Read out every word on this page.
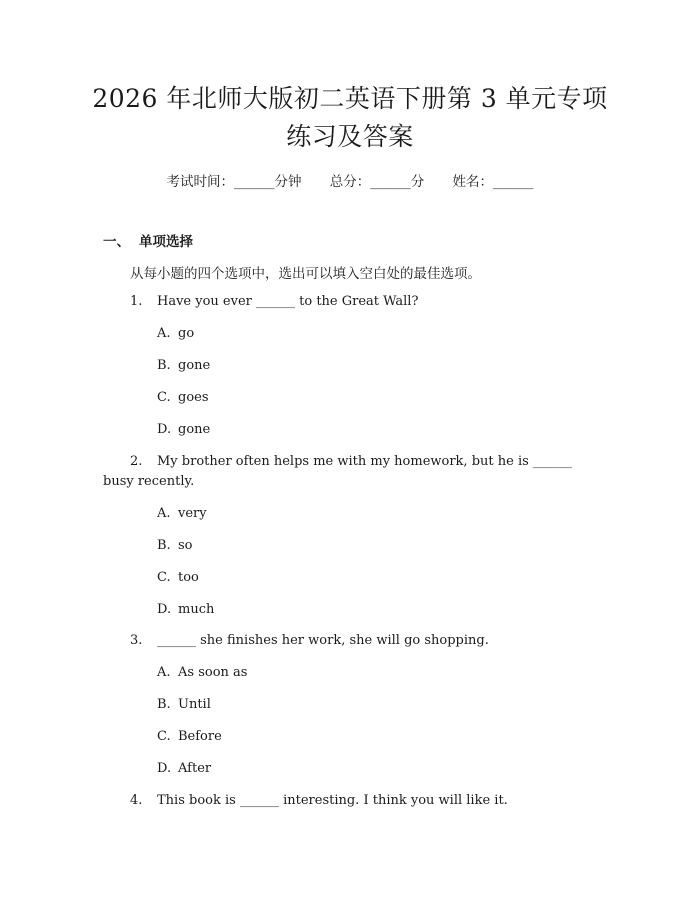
2026 年北师大版初二英语下册第 3 单元专项
练习及答案
考试时间：______分钟 总分：______分 姓名：______
一、 单项选择
从每小题的四个选项中，选出可以填入空白处的最佳选项。
1. Have you ever ______ to the Great Wall?
A. go
B. gone
C. goes
D. gone
2. My brother often helps me with my homework, but he is ______
busy recently.
A. very
B. so
C. too
D. much
3. ______ she finishes her work, she will go shopping.
A. As soon as
B. Until
C. Before
D. After
4. This book is ______ interesting. I think you will like it.
